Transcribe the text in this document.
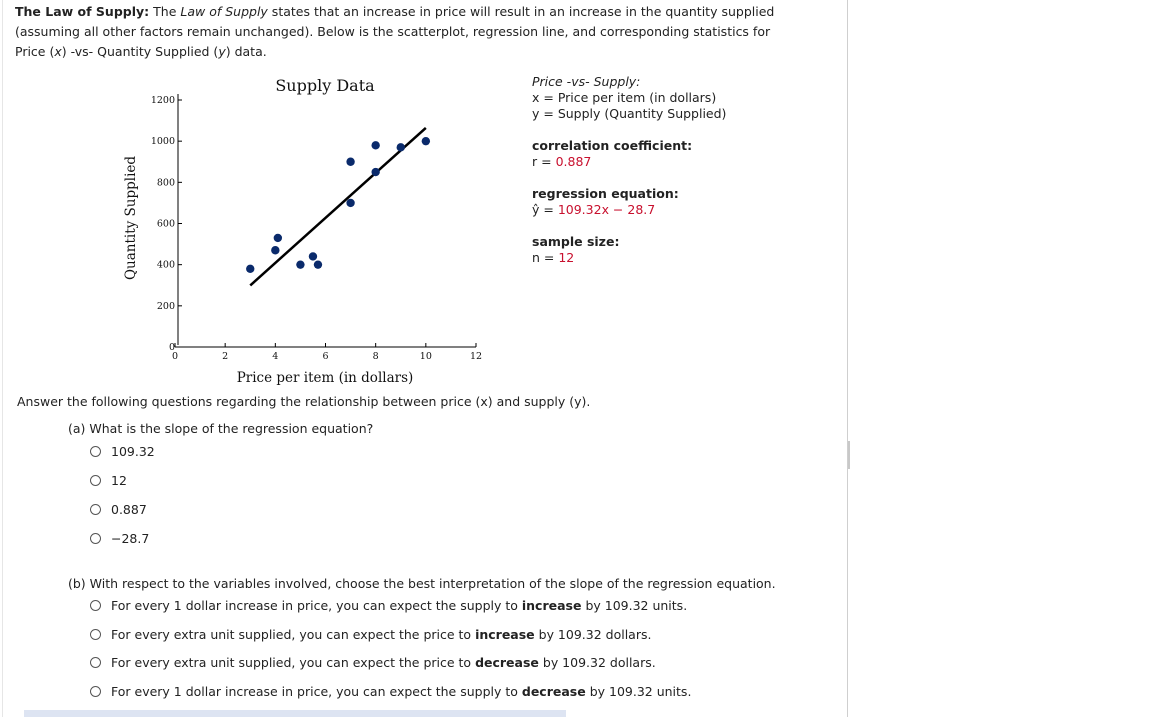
The Law of Supply: The Law of Supply states that an increase in price will result in an increase in the quantity supplied
(assuming all other factors remain unchanged). Below is the scatterplot, regression line, and corresponding statistics for
Price (x) -vs- Quantity Supplied (y) data.
Supply Data
Price per item (in dollars)
Quantity Supplied
0
200
400
600
800
1000
1200
0	2	4	6	8	10	12
Price -vs- Supply:
x = Price per item (in dollars)
y = Supply (Quantity Supplied)
correlation coefficient:
r = 0.887
regression equation:
ŷ = 109.32x − 28.7
sample size:
n = 12
Answer the following questions regarding the relationship between price (x) and supply (y).
(a) What is the slope of the regression equation?
109.32
12
0.887
−28.7
(b) With respect to the variables involved, choose the best interpretation of the slope of the regression equation.
For every 1 dollar increase in price, you can expect the supply to increase by 109.32 units.
For every extra unit supplied, you can expect the price to increase by 109.32 dollars.
For every extra unit supplied, you can expect the price to decrease by 109.32 dollars.
For every 1 dollar increase in price, you can expect the supply to decrease by 109.32 units.
